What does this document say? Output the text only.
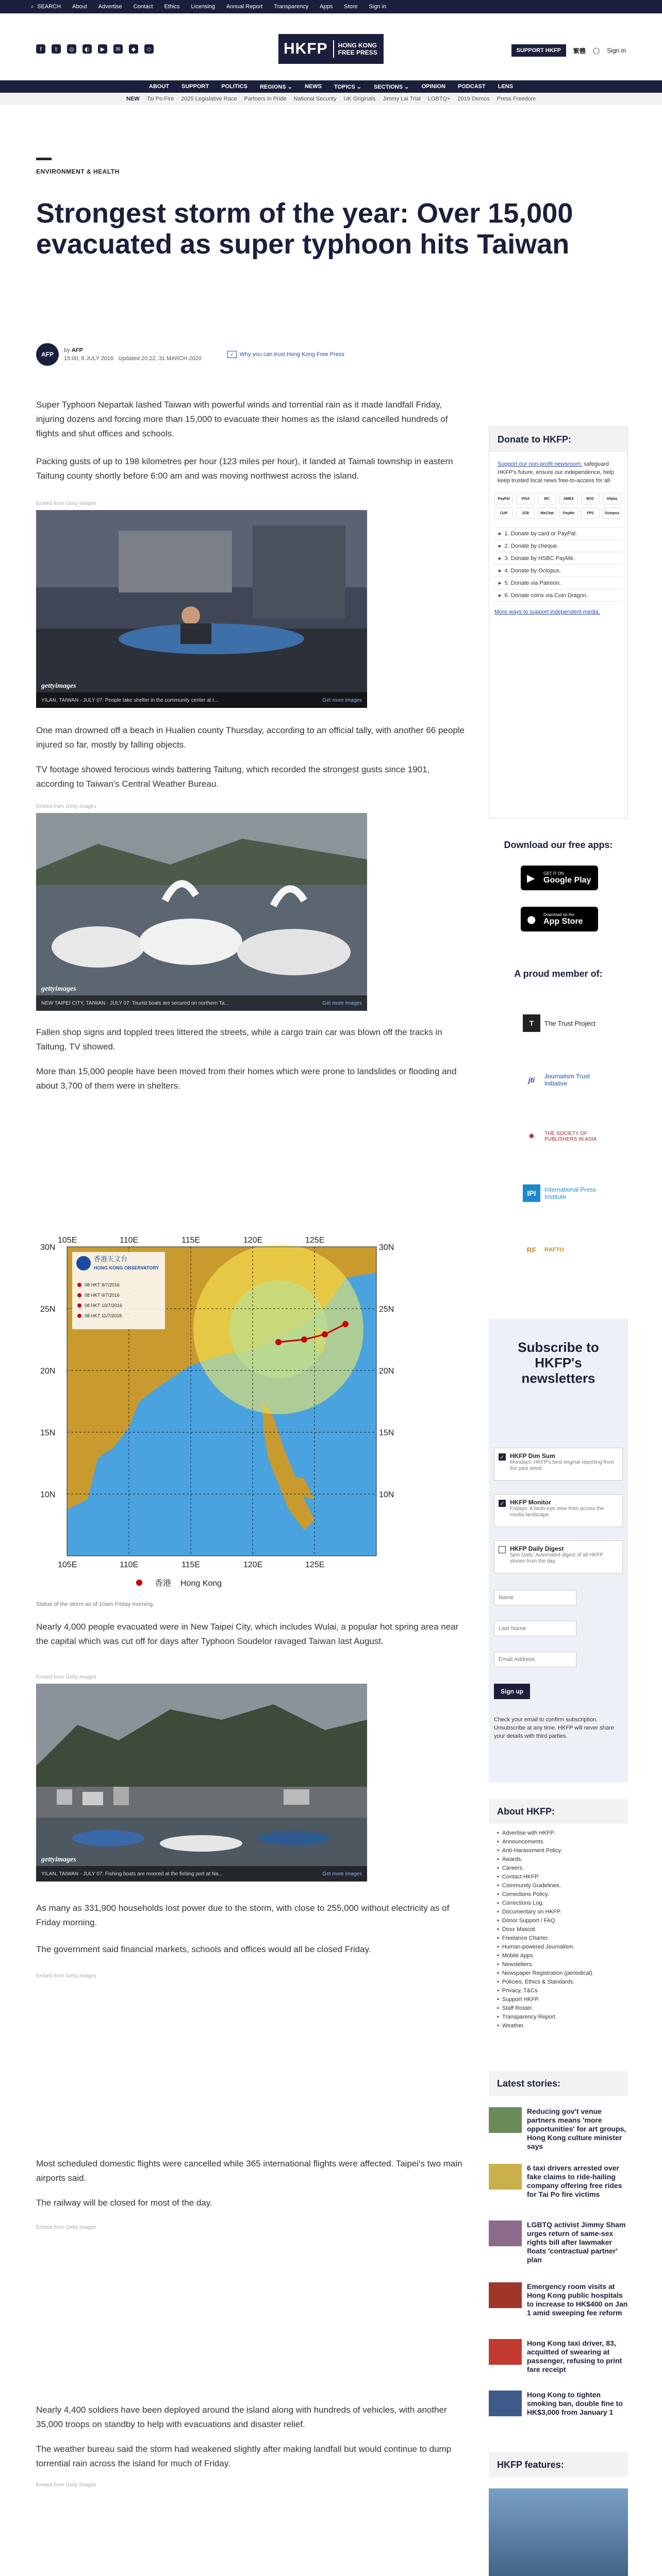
⌕ SEARCH About Advertise Contact Ethics Licensing Annual Report Transparency Apps Store Sign in
f	t	◎	◐	▶	✉	◆	◇	HKFP	HONG KONG
FREE PRESS	SUPPORT HKFP	繁體 ◯ Sign in
ABOUT SUPPORT POLITICS REGIONS ⌄ NEWS TOPICS ⌄ SECTIONS ⌄ OPINION PODCAST LENS
NEW Tai Po Fire 2025 Legislative Race Partners in Pride National Security UK Originals Jimmy Lai Trial LGBTQ+ 2019 Demos Press Freedom
ENVIRONMENT & HEALTH
Strongest storm of the year: Over 15,000 evacuated as super typhoon hits Taiwan
AFP
by AFP
15:00, 8 JULY 2016 Updated 20:22, 31 MARCH 2020
✓	Why you can trust Hong Kong Free Press

Super Typhoon Nepartak lashed Taiwan with powerful winds and torrential rain as it made landfall Friday, injuring dozens and forcing more than 15,000 to evacuate their homes as the island cancelled hundreds of flights and shut offices and schools.

Packing gusts of up to 198 kilometres per hour (123 miles per hour), it landed at Taimali township in eastern Taitung county shortly before 6:00 am and was moving northwest across the island.

Embed from Getty Images
gettyimages
YILAN, TAIWAN - JULY 07: People take shelter in the community center at t...	Get more images

One man drowned off a beach in Hualien county Thursday, according to an official tally, with another 66 people injured so far, mostly by falling objects.

TV footage showed ferocious winds battering Taitung, which recorded the strongest gusts since 1901, according to Taiwan's Central Weather Bureau.

Embed from Getty Images
gettyimages
NEW TAIPEI CITY, TAIWAN - JULY 07: Tourist boats are secured on northern Ta...	Get more images

Fallen shop signs and toppled trees littered the streets, while a cargo train car was blown off the tracks in Taitung, TV showed.

More than 15,000 people have been moved from their homes which were prone to landslides or flooding and about 3,700 of them were in shelters.

香港天文台
HONG KONG OBSERVATORY
08 HKT 8/7/2016
08 HKT 9/7/2016
08 HKT 10/7/2016
08 HKT 11/7/2016
105E	110E	115E	120E	125E
105E	110E	115E	120E	125E
30N
25N
20N
15N
10N
30N
25N
20N
15N
10N
香港 Hong Kong
Status of the storm as of 10am Friday morning.

Nearly 4,000 people evacuated were in New Taipei City, which includes Wulai, a popular hot spring area near the capital which was cut off for days after Typhoon Soudelor ravaged Taiwan last August.

Embed from Getty Images
gettyimages
YILAN, TAIWAN - JULY 07: Fishing boats are moored at the fishing port at Na...	Get more images

As many as 331,900 households lost power due to the storm, with close to 255,000 without electricity as of Friday morning.

The government said financial markets, schools and offices would all be closed Friday.

Embed from Getty Images

Most scheduled domestic flights were cancelled while 365 international flights were affected. Taipei's two main airports said.

The railway will be closed for most of the day.

Embed from Getty Images

Nearly 4,400 soldiers have been deployed around the island along with hundreds of vehicles, with another 35,000 troops on standby to help with evacuations and disaster relief.

The weather bureau said the storm had weakened slightly after making landfall but would continue to dump torrential rain across the island for much of Friday.

Embed from Getty Images

Donate to HKFP:
Support our non-profit newsroom; safeguard HKFP's future, ensure our independence, help keep trusted local news free-to-access for all.
PayPal	VISA	MC	AMEX	BOC	Alipay
CUP	JCB	WeChat	PayMe	FPS	Octopus
▸ 1. Donate by card or PayPal.
▸ 2. Donate by cheque.
▸ 3. Donate by HSBC PayMe.
▸ 4. Donate by Octopus.
▸ 5. Donate via Patreon.
▸ 6. Donate coins via Coin Dragon.
More ways to support independent media.
Download our free apps:
▶ GET IT ON
Google Play
● Download on the
App Store
A proud member of:
T	The Trust Project
jti	Journalism Trust Initiative
✺	THE SOCIETY OF PUBLISHERS IN ASIA
IPI	International Press Institute
RF	RAFTO
Subscribe to HKFP's newsletters
✓ HKFP Dim Sum
Mondays: HKFP's best original reporting from the past week.
✓ HKFP Monitor
Fridays: A birds-eye view from across the media landscape.
HKFP Daily Digest
5pm Daily: Automated digest of all HKFP stories from the day.
Name
Last Name
Email Address
Sign up
Check your email to confirm subscription. Unsubscribe at any time. HKFP will never share your details with third parties.
About HKFP:
• Advertise with HKFP.
• Announcements.
• Anti-Harassment Policy.
• Awards.
• Careers.
• Contact HKFP.
• Community Guidelines.
• Corrections Policy.
• Corrections Log.
• Documentary on HKFP.
• Donor Support / FAQ.
• Doxx Mascot.
• Freelance Charter.
• Human-powered Journalism.
• Mobile Apps.
• Newsletters.
• Newspaper Registration (periodical).
• Policies, Ethics & Standards.
• Privacy, T&Cs.
• Support HKFP.
• Staff Roster.
• Transparency Report.
• Weather.
Latest stories:
Reducing gov't venue partners means 'more opportunities' for art groups, Hong Kong culture minister says
6 taxi drivers arrested over fake claims to ride-hailing company offering free rides for Tai Po fire victims
LGBTQ activist Jimmy Sham urges return of same-sex rights bill after lawmaker floats 'contractual partner' plan
Emergency room visits at Hong Kong public hospitals to increase to HK$400 on Jan 1 amid sweeping fee reform
Hong Kong taxi driver, 83, acquitted of swearing at passenger, refusing to print fare receipt
Hong Kong to tighten smoking ban, double fine to HK$3,000 from January 1
HKFP features:
